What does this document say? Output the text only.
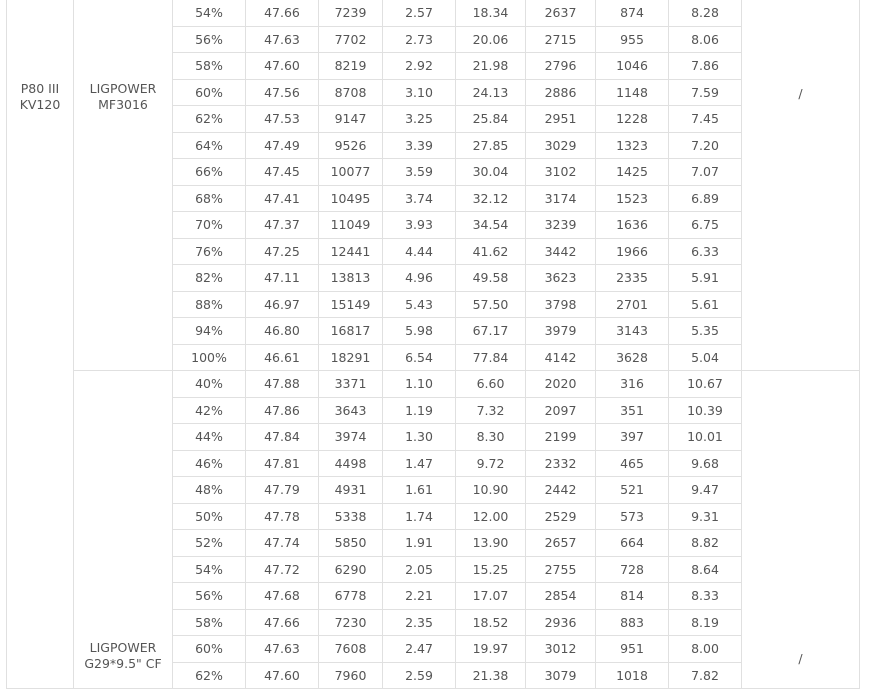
P80 III KV120	LIGPOWER MF3016	54%	47.66	7239	2.57	18.34	2637	874	8.28	/
		56%	47.63	7702	2.73	20.06	2715	955	8.06	
		58%	47.60	8219	2.92	21.98	2796	1046	7.86	
		60%	47.56	8708	3.10	24.13	2886	1148	7.59	
		62%	47.53	9147	3.25	25.84	2951	1228	7.45	
		64%	47.49	9526	3.39	27.85	3029	1323	7.20	
		66%	47.45	10077	3.59	30.04	3102	1425	7.07	
		68%	47.41	10495	3.74	32.12	3174	1523	6.89	
		70%	47.37	11049	3.93	34.54	3239	1636	6.75	
		76%	47.25	12441	4.44	41.62	3442	1966	6.33	
		82%	47.11	13813	4.96	49.58	3623	2335	5.91	
		88%	46.97	15149	5.43	57.50	3798	2701	5.61	
		94%	46.80	16817	5.98	67.17	3979	3143	5.35	
		100%	46.61	18291	6.54	77.84	4142	3628	5.04	
	LIGPOWER G29*9.5" CF	40%	47.88	3371	1.10	6.60	2020	316	10.67	/
		42%	47.86	3643	1.19	7.32	2097	351	10.39	
		44%	47.84	3974	1.30	8.30	2199	397	10.01	
		46%	47.81	4498	1.47	9.72	2332	465	9.68	
		48%	47.79	4931	1.61	10.90	2442	521	9.47	
		50%	47.78	5338	1.74	12.00	2529	573	9.31	
		52%	47.74	5850	1.91	13.90	2657	664	8.82	
		54%	47.72	6290	2.05	15.25	2755	728	8.64	
		56%	47.68	6778	2.21	17.07	2854	814	8.33	
		58%	47.66	7230	2.35	18.52	2936	883	8.19	
		60%	47.63	7608	2.47	19.97	3012	951	8.00	
		62%	47.60	7960	2.59	21.38	3079	1018	7.82	
